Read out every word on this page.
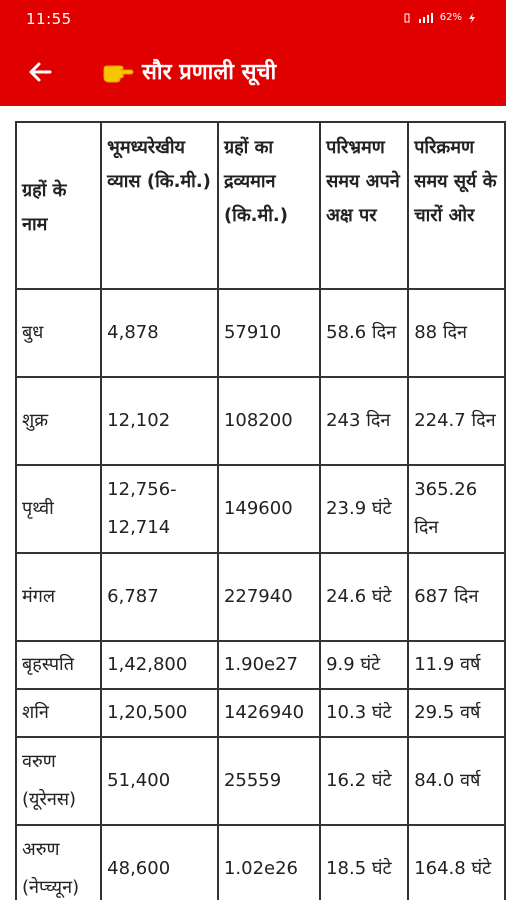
11:55	62%
सौर प्रणाली सूची
ग्रहों के नाम	भूमध्यरेखीय व्यास (कि.मी.)	ग्रहों का द्रव्यमान (कि.मी.)	परिभ्रमण समय अपने अक्ष पर	परिक्रमण समय सूर्य के चारों ओर
बुध	4,878	57910	58.6 दिन	88 दिन
शुक्र	12,102	108200	243 दिन	224.7 दिन
पृथ्वी	12,756-12,714	149600	23.9 घंटे	365.26 दिन
मंगल	6,787	227940	24.6 घंटे	687 दिन
बृहस्पति	1,42,800	1.90e27	9.9 घंटे	11.9 वर्ष
शनि	1,20,500	1426940	10.3 घंटे	29.5 वर्ष
वरुण (यूरेनस)	51,400	25559	16.2 घंटे	84.0 वर्ष
अरुण (नेप्च्यून)	48,600	1.02e26	18.5 घंटे	164.8 घंटे
